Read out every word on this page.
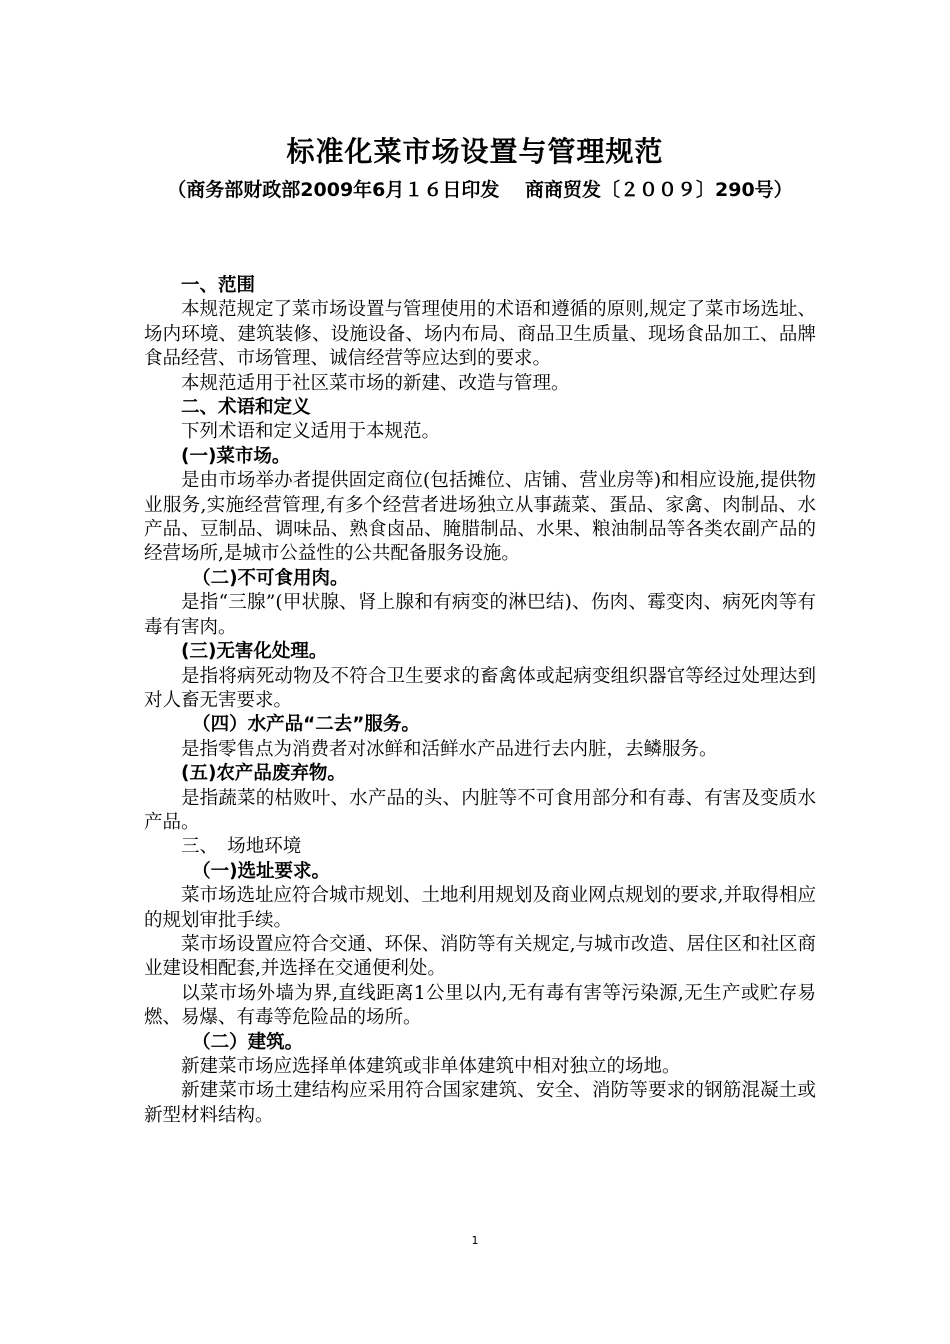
标准化菜市场设置与管理规范
（商务部财政部2009年6月１６日印发　 商商贸发〔２００９〕290号）

一、范围

本规范规定了菜市场设置与管理使用的术语和遵循的原则,规定了菜市场选址、场内环境、建筑装修、设施设备、场内布局、商品卫生质量、现场食品加工、品牌食品经营、市场管理、诚信经营等应达到的要求。

本规范适用于社区菜市场的新建、改造与管理。

二、术语和定义

下列术语和定义适用于本规范。

(一)菜市场。

是由市场举办者提供固定商位(包括摊位、店铺、营业房等)和相应设施,提供物业服务,实施经营管理,有多个经营者进场独立从事蔬菜、蛋品、家禽、肉制品、水产品、豆制品、调味品、熟食卤品、腌腊制品、水果、粮油制品等各类农副产品的经营场所,是城市公益性的公共配备服务设施。

（二)不可食用肉。

是指“三腺”(甲状腺、肾上腺和有病变的淋巴结)、伤肉、霉变肉、病死肉等有毒有害肉。

(三)无害化处理。

是指将病死动物及不符合卫生要求的畜禽体或起病变组织器官等经过处理达到对人畜无害要求。

（四）水产品“二去”服务。

是指零售点为消费者对冰鲜和活鲜水产品进行去内脏，去鳞服务。

(五)农产品废弃物。

是指蔬菜的枯败叶、水产品的头、内脏等不可食用部分和有毒、有害及变质水产品。

三、　场地环境

（一)选址要求。

菜市场选址应符合城市规划、土地利用规划及商业网点规划的要求,并取得相应的规划审批手续。

菜市场设置应符合交通、环保、消防等有关规定,与城市改造、居住区和社区商业建设相配套,并选择在交通便利处。

以菜市场外墙为界,直线距离1公里以内,无有毒有害等污染源,无生产或贮存易燃、易爆、有毒等危险品的场所。

（二）建筑。

新建菜市场应选择单体建筑或非单体建筑中相对独立的场地。

新建菜市场土建结构应采用符合国家建筑、安全、消防等要求的钢筋混凝土或新型材料结构。

1
